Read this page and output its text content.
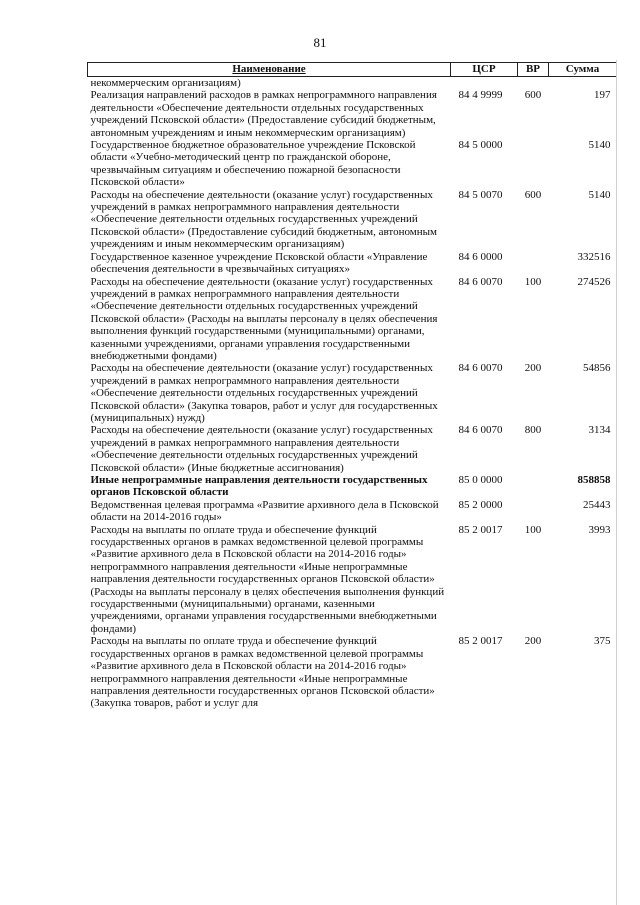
81
Наименование	ЦСР	ВР	Сумма
некоммерческим организациям)			
Реализация направлений расходов в рамках непрограммного направления деятельности «Обеспечение деятельности отдельных государственных учреждений Псковской области» (Предоставление субсидий бюджетным, автономным учреждениям и иным некоммерческим организациям)	84 4 9999	600	197
Государственное бюджетное образовательное учреждение Псковской области «Учебно-методический центр по гражданской обороне, чрезвычайным ситуациям и обеспечению пожарной безопасности Псковской области»	84 5 0000		5140
Расходы на обеспечение деятельности (оказание услуг) государственных учреждений в рамках непрограммного направления деятельности «Обеспечение деятельности отдельных государственных учреждений Псковской области» (Предоставление субсидий бюджетным, автономным учреждениям и иным некоммерческим организациям)	84 5 0070	600	5140
Государственное казенное учреждение Псковской области «Управление обеспечения деятельности в чрезвычайных ситуациях»	84 6 0000		332516
Расходы на обеспечение деятельности (оказание услуг) государственных учреждений в рамках непрограммного направления деятельности «Обеспечение деятельности отдельных государственных учреждений Псковской области» (Расходы на выплаты персоналу в целях обеспечения выполнения функций государственными (муниципальными) органами, казенными учреждениями, органами управления государственными внебюджетными фондами)	84 6 0070	100	274526
Расходы на обеспечение деятельности (оказание услуг) государственных учреждений в рамках непрограммного направления деятельности «Обеспечение деятельности отдельных государственных учреждений Псковской области» (Закупка товаров, работ и услуг для государственных (муниципальных) нужд)	84 6 0070	200	54856
Расходы на обеспечение деятельности (оказание услуг) государственных учреждений в рамках непрограммного направления деятельности «Обеспечение деятельности отдельных государственных учреждений Псковской области» (Иные бюджетные ассигнования)	84 6 0070	800	3134
Иные непрограммные направления деятельности государственных органов Псковской области	85 0 0000		858858
Ведомственная целевая программа «Развитие архивного дела в Псковской области на 2014-2016 годы»	85 2 0000		25443
Расходы на выплаты по оплате труда и обеспечение функций государственных органов в рамках ведомственной целевой программы «Развитие архивного дела в Псковской области на 2014-2016 годы» непрограммного направления деятельности «Иные непрограммные направления деятельности государственных органов Псковской области» (Расходы на выплаты персоналу в целях обеспечения выполнения функций государственными (муниципальными) органами, казенными учреждениями, органами управления государственными внебюджетными фондами)	85 2 0017	100	3993
Расходы на выплаты по оплате труда и обеспечение функций государственных органов в рамках ведомственной целевой программы «Развитие архивного дела в Псковской области на 2014-2016 годы» непрограммного направления деятельности «Иные непрограммные направления деятельности государственных органов Псковской области» (Закупка товаров, работ и услуг для	85 2 0017	200	375
